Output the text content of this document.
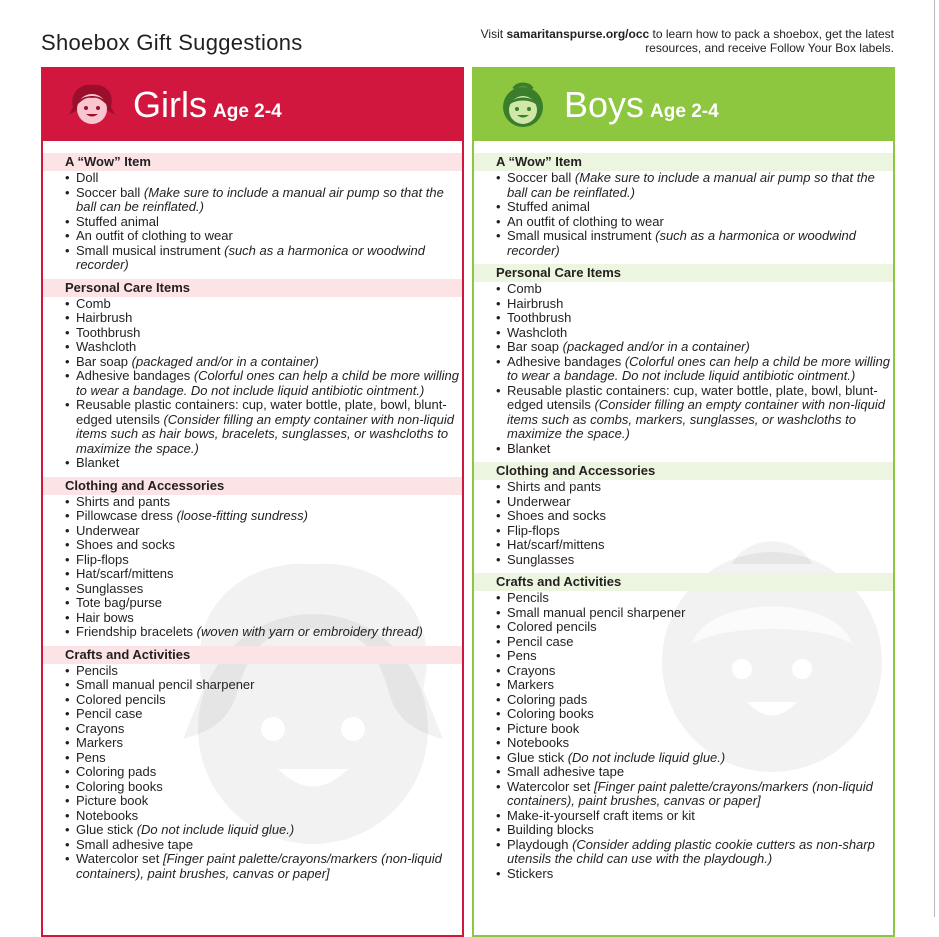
Shoebox Gift Suggestions	Visit samaritanspurse.org/occ to learn how to pack a shoebox, get the latest resources, and receive Follow Your Box labels.
Girls Age 2-4
A “Wow” Item
• Doll
• Soccer ball (Make sure to include a manual air pump so that the ball can be reinflated.)
• Stuffed animal
• An outfit of clothing to wear
• Small musical instrument (such as a harmonica or woodwind recorder)
Personal Care Items
• Comb
• Hairbrush
• Toothbrush
• Washcloth
• Bar soap (packaged and/or in a container)
• Adhesive bandages (Colorful ones can help a child be more willing to wear a bandage. Do not include liquid antibiotic ointment.)
• Reusable plastic containers: cup, water bottle, plate, bowl, blunt-edged utensils (Consider filling an empty container with non-liquid items such as hair bows, bracelets, sunglasses, or washcloths to maximize the space.)
• Blanket
Clothing and Accessories
• Shirts and pants
• Pillowcase dress (loose-fitting sundress)
• Underwear
• Shoes and socks
• Flip-flops
• Hat/scarf/mittens
• Sunglasses
• Tote bag/purse
• Hair bows
• Friendship bracelets (woven with yarn or embroidery thread)
Crafts and Activities
• Pencils
• Small manual pencil sharpener
• Colored pencils
• Pencil case
• Crayons
• Markers
• Pens
• Coloring pads
• Coloring books
• Picture book
• Notebooks
• Glue stick (Do not include liquid glue.)
• Small adhesive tape
• Watercolor set [Finger paint palette/crayons/markers (non-liquid containers), paint brushes, canvas or paper]
Boys Age 2-4
A “Wow” Item
• Soccer ball (Make sure to include a manual air pump so that the ball can be reinflated.)
• Stuffed animal
• An outfit of clothing to wear
• Small musical instrument (such as a harmonica or woodwind recorder)
Personal Care Items
• Comb
• Hairbrush
• Toothbrush
• Washcloth
• Bar soap (packaged and/or in a container)
• Adhesive bandages (Colorful ones can help a child be more willing to wear a bandage. Do not include liquid antibiotic ointment.)
• Reusable plastic containers: cup, water bottle, plate, bowl, blunt-edged utensils (Consider filling an empty container with non-liquid items such as combs, markers, sunglasses, or washcloths to maximize the space.)
• Blanket
Clothing and Accessories
• Shirts and pants
• Underwear
• Shoes and socks
• Flip-flops
• Hat/scarf/mittens
• Sunglasses
Crafts and Activities
• Pencils
• Small manual pencil sharpener
• Colored pencils
• Pencil case
• Pens
• Crayons
• Markers
• Coloring pads
• Coloring books
• Picture book
• Notebooks
• Glue stick (Do not include liquid glue.)
• Small adhesive tape
• Watercolor set [Finger paint palette/crayons/markers (non-liquid containers), paint brushes, canvas or paper]
• Make-it-yourself craft items or kit
• Building blocks
• Playdough (Consider adding plastic cookie cutters as non-sharp utensils the child can use with the playdough.)
• Stickers
